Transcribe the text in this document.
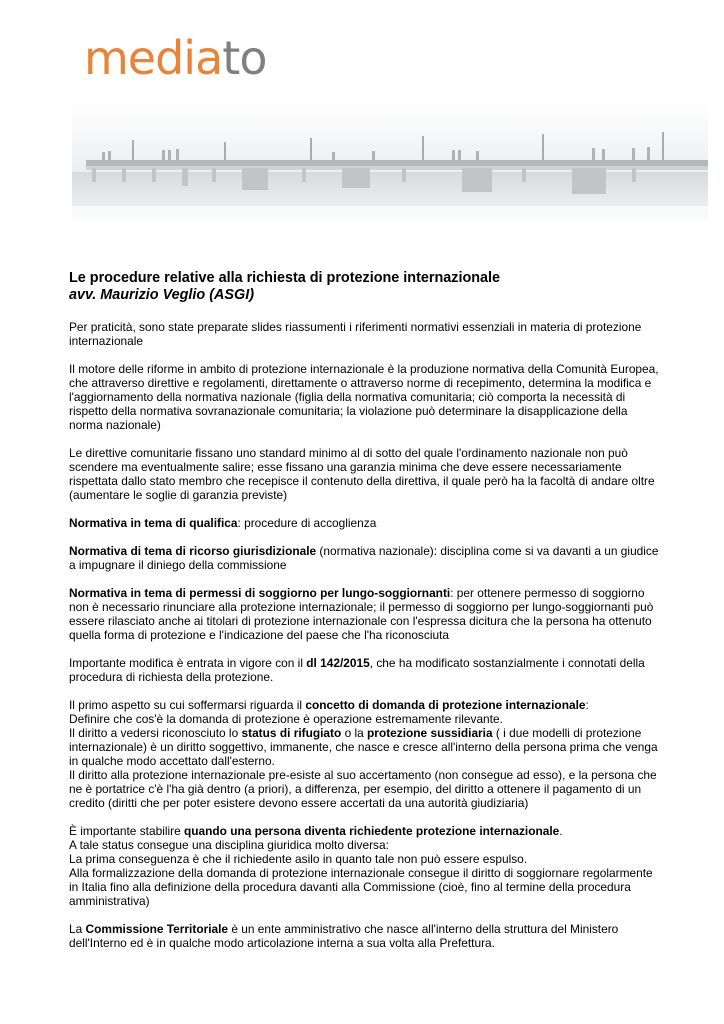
mediato
Le procedure relative alla richiesta di protezione internazionale
avv. Maurizio Veglio (ASGI)

Per praticità, sono state preparate slides riassumenti i riferimenti normativi essenziali in materia di protezione internazionale

Il motore delle riforme in ambito di protezione internazionale è la produzione normativa della Comunità Europea, che attraverso direttive e regolamenti, direttamente o attraverso norme di recepimento, determina la modifica e l'aggiornamento della normativa nazionale (figlia della normativa comunitaria; ciò comporta la necessità di rispetto della normativa sovranazionale comunitaria; la violazione può determinare la disapplicazione della norma nazionale)

Le direttive comunitarie fissano uno standard minimo al di sotto del quale l'ordinamento nazionale non può scendere ma eventualmente salire; esse fissano una garanzia minima che deve essere necessariamente rispettata dallo stato membro che recepisce il contenuto della direttiva, il quale però ha la facoltà di andare oltre (aumentare le soglie di garanzia previste)

Normativa in tema di qualifica: procedure di accoglienza

Normativa di tema di ricorso giurisdizionale (normativa nazionale): disciplina come si va davanti a un giudice a impugnare il diniego della commissione

Normativa in tema di permessi di soggiorno per lungo-soggiornanti: per ottenere permesso di soggiorno non è necessario rinunciare alla protezione internazionale; il permesso di soggiorno per lungo-soggiornanti può essere rilasciato anche ai titolari di protezione internazionale con l'espressa dicitura che la persona ha ottenuto quella forma di protezione e l'indicazione del paese che l'ha riconosciuta

Importante modifica è entrata in vigore con il dl 142/2015, che ha modificato sostanzialmente i connotati della procedura di richiesta della protezione.

Il primo aspetto su cui soffermarsi riguarda il concetto di domanda di protezione internazionale:

Definire che cos'è la domanda di protezione è operazione estremamente rilevante.

Il diritto a vedersi riconosciuto lo status di rifugiato o la protezione sussidiaria ( i due modelli di protezione internazionale) è un diritto soggettivo, immanente, che nasce e cresce all'interno della persona prima che venga in qualche modo accettato dall'esterno.

Il diritto alla protezione internazionale pre-esiste al suo accertamento (non consegue ad esso), e la persona che ne è portatrice c'è l'ha già dentro (a priori), a differenza, per esempio, del diritto a ottenere il pagamento di un credito (diritti che per poter esistere devono essere accertati da una autorità giudiziaria)

È importante stabilire quando una persona diventa richiedente protezione internazionale.

A tale status consegue una disciplina giuridica molto diversa:

La prima conseguenza è che il richiedente asilo in quanto tale non può essere espulso.

Alla formalizzazione della domanda di protezione internazionale consegue il diritto di soggiornare regolarmente in Italia fino alla definizione della procedura davanti alla Commissione (cioè, fino al termine della procedura amministrativa)

La Commissione Territoriale è un ente amministrativo che nasce all'interno della struttura del Ministero dell'Interno ed è in qualche modo articolazione interna a sua volta alla Prefettura.
